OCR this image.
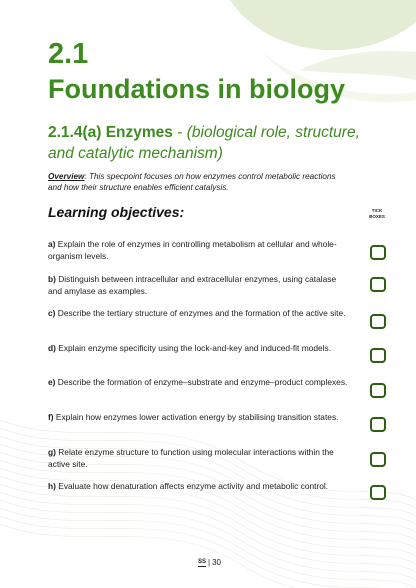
2.1
Foundations in biology
2.1.4(a) Enzymes - (biological role, structure, and catalytic mechanism)
Overview: This specpoint focuses on how enzymes control metabolic reactions and how their structure enables efficient catalysis.
Learning objectives:	TICK BOXES
a) Explain the role of enzymes in controlling metabolism at cellular and whole-organism levels.
b) Distinguish between intracellular and extracellular enzymes, using catalase and amylase as examples.
c) Describe the tertiary structure of enzymes and the formation of the active site.
d) Explain enzyme specificity using the lock-and-key and induced-fit models.
e) Describe the formation of enzyme–substrate and enzyme–product complexes.
f) Explain how enzymes lower activation energy by stabilising transition states.
g) Relate enzyme structure to function using molecular interactions within the active site.
h) Evaluate how denaturation affects enzyme activity and metabolic control.
SS | 30
